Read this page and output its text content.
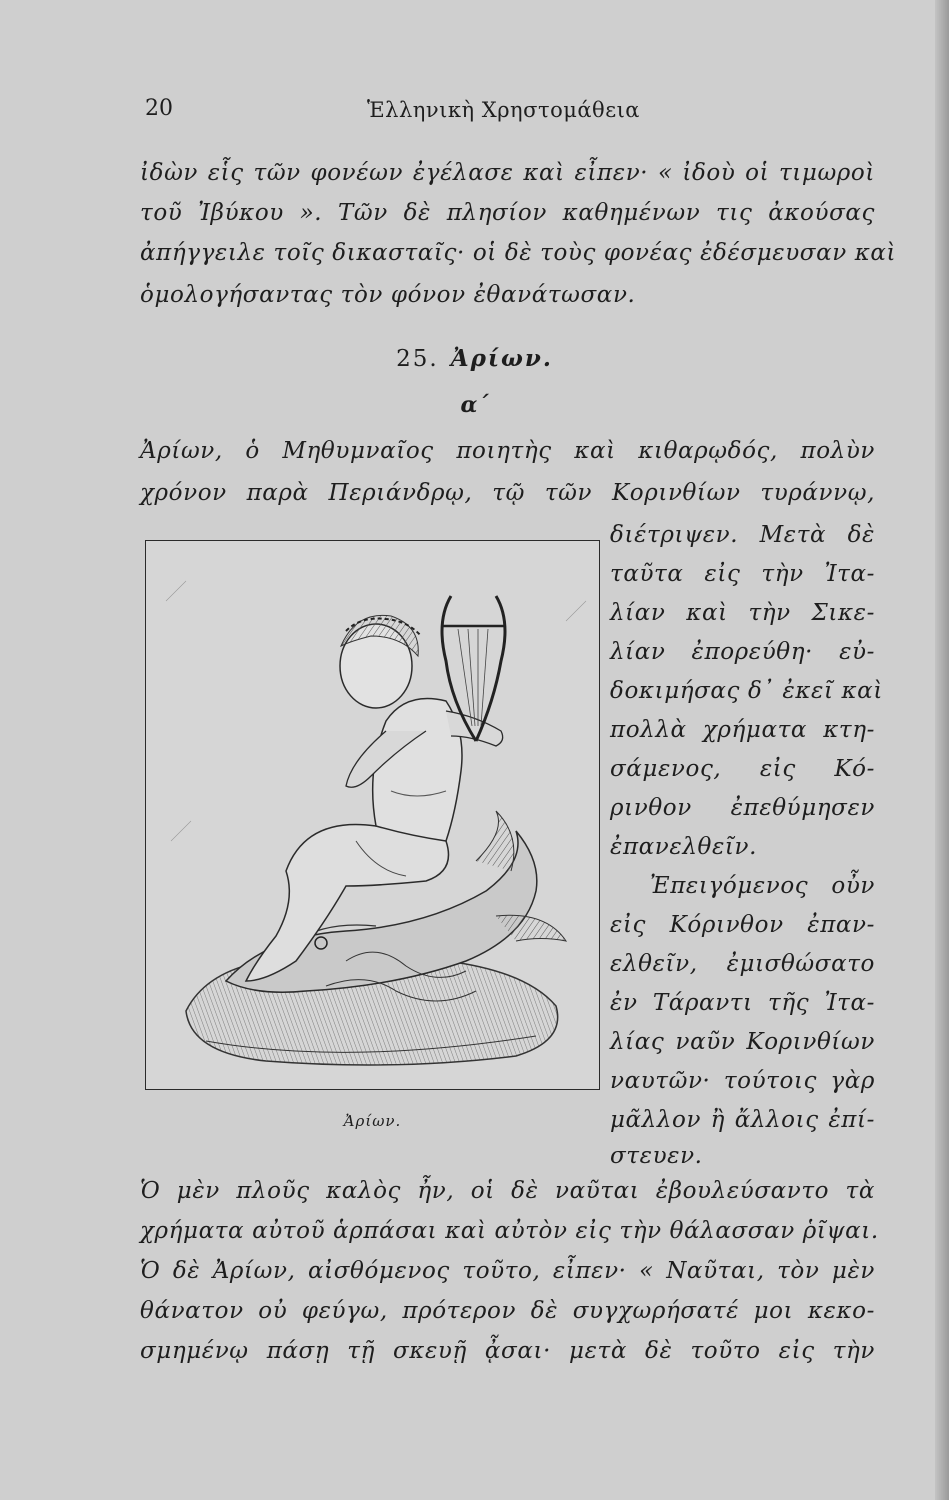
20	Ἑλληνικὴ Χρηστομάθεια
ἰδὼν εἷς τῶν φονέων ἐγέλασε καὶ εἶπεν· « ἰδοὺ οἱ τιμωροὶ
τοῦ Ἰβύκου ». Τῶν δὲ πλησίον καθημένων τις ἀκούσας
ἀπήγγειλε τοῖς δικασταῖς· οἱ δὲ τοὺς φονέας ἐδέσμευσαν καὶ
ὁμολογήσαντας τὸν φόνον ἐθανάτωσαν.
25. Ἀρίων.
α΄
Ἀρίων, ὁ Μηθυμναῖος ποιητὴς καὶ κιθαρῳδός, πολὺν
χρόνον παρὰ Περιάνδρῳ, τῷ τῶν Κορινθίων τυράννῳ,
διέτριψεν. Μετὰ δὲ
ταῦτα εἰς τὴν Ἰτα-
λίαν καὶ τὴν Σικε-
λίαν ἐπορεύθη· εὐ-
δοκιμήσας δ᾿ ἐκεῖ καὶ
πολλὰ χρήματα κτη-
σάμενος, εἰς Κό-
ρινθον ἐπεθύμησεν
ἐπανελθεῖν.
Ἐπειγόμενος οὖν
εἰς Κόρινθον ἐπαν-
ελθεῖν, ἐμισθώσατο
ἐν Τάραντι τῆς Ἰτα-
λίας ναῦν Κορινθίων
ναυτῶν· τούτοις γὰρ
μᾶλλον ἢ ἄλλοις ἐπί-
στευεν.
Ἀρίων.
Ὁ μὲν πλοῦς καλὸς ἦν, οἱ δὲ ναῦται ἐβουλεύσαντο τὰ
χρήματα αὐτοῦ ἁρπάσαι καὶ αὐτὸν εἰς τὴν θάλασσαν ῥῖψαι.
Ὁ δὲ Ἀρίων, αἰσθόμενος τοῦτο, εἶπεν· « Ναῦται, τὸν μὲν
θάνατον οὐ φεύγω, πρότερον δὲ συγχωρήσατέ μοι κεκο-
σμημένῳ πάσῃ τῇ σκευῇ ᾆσαι· μετὰ δὲ τοῦτο εἰς τὴν
